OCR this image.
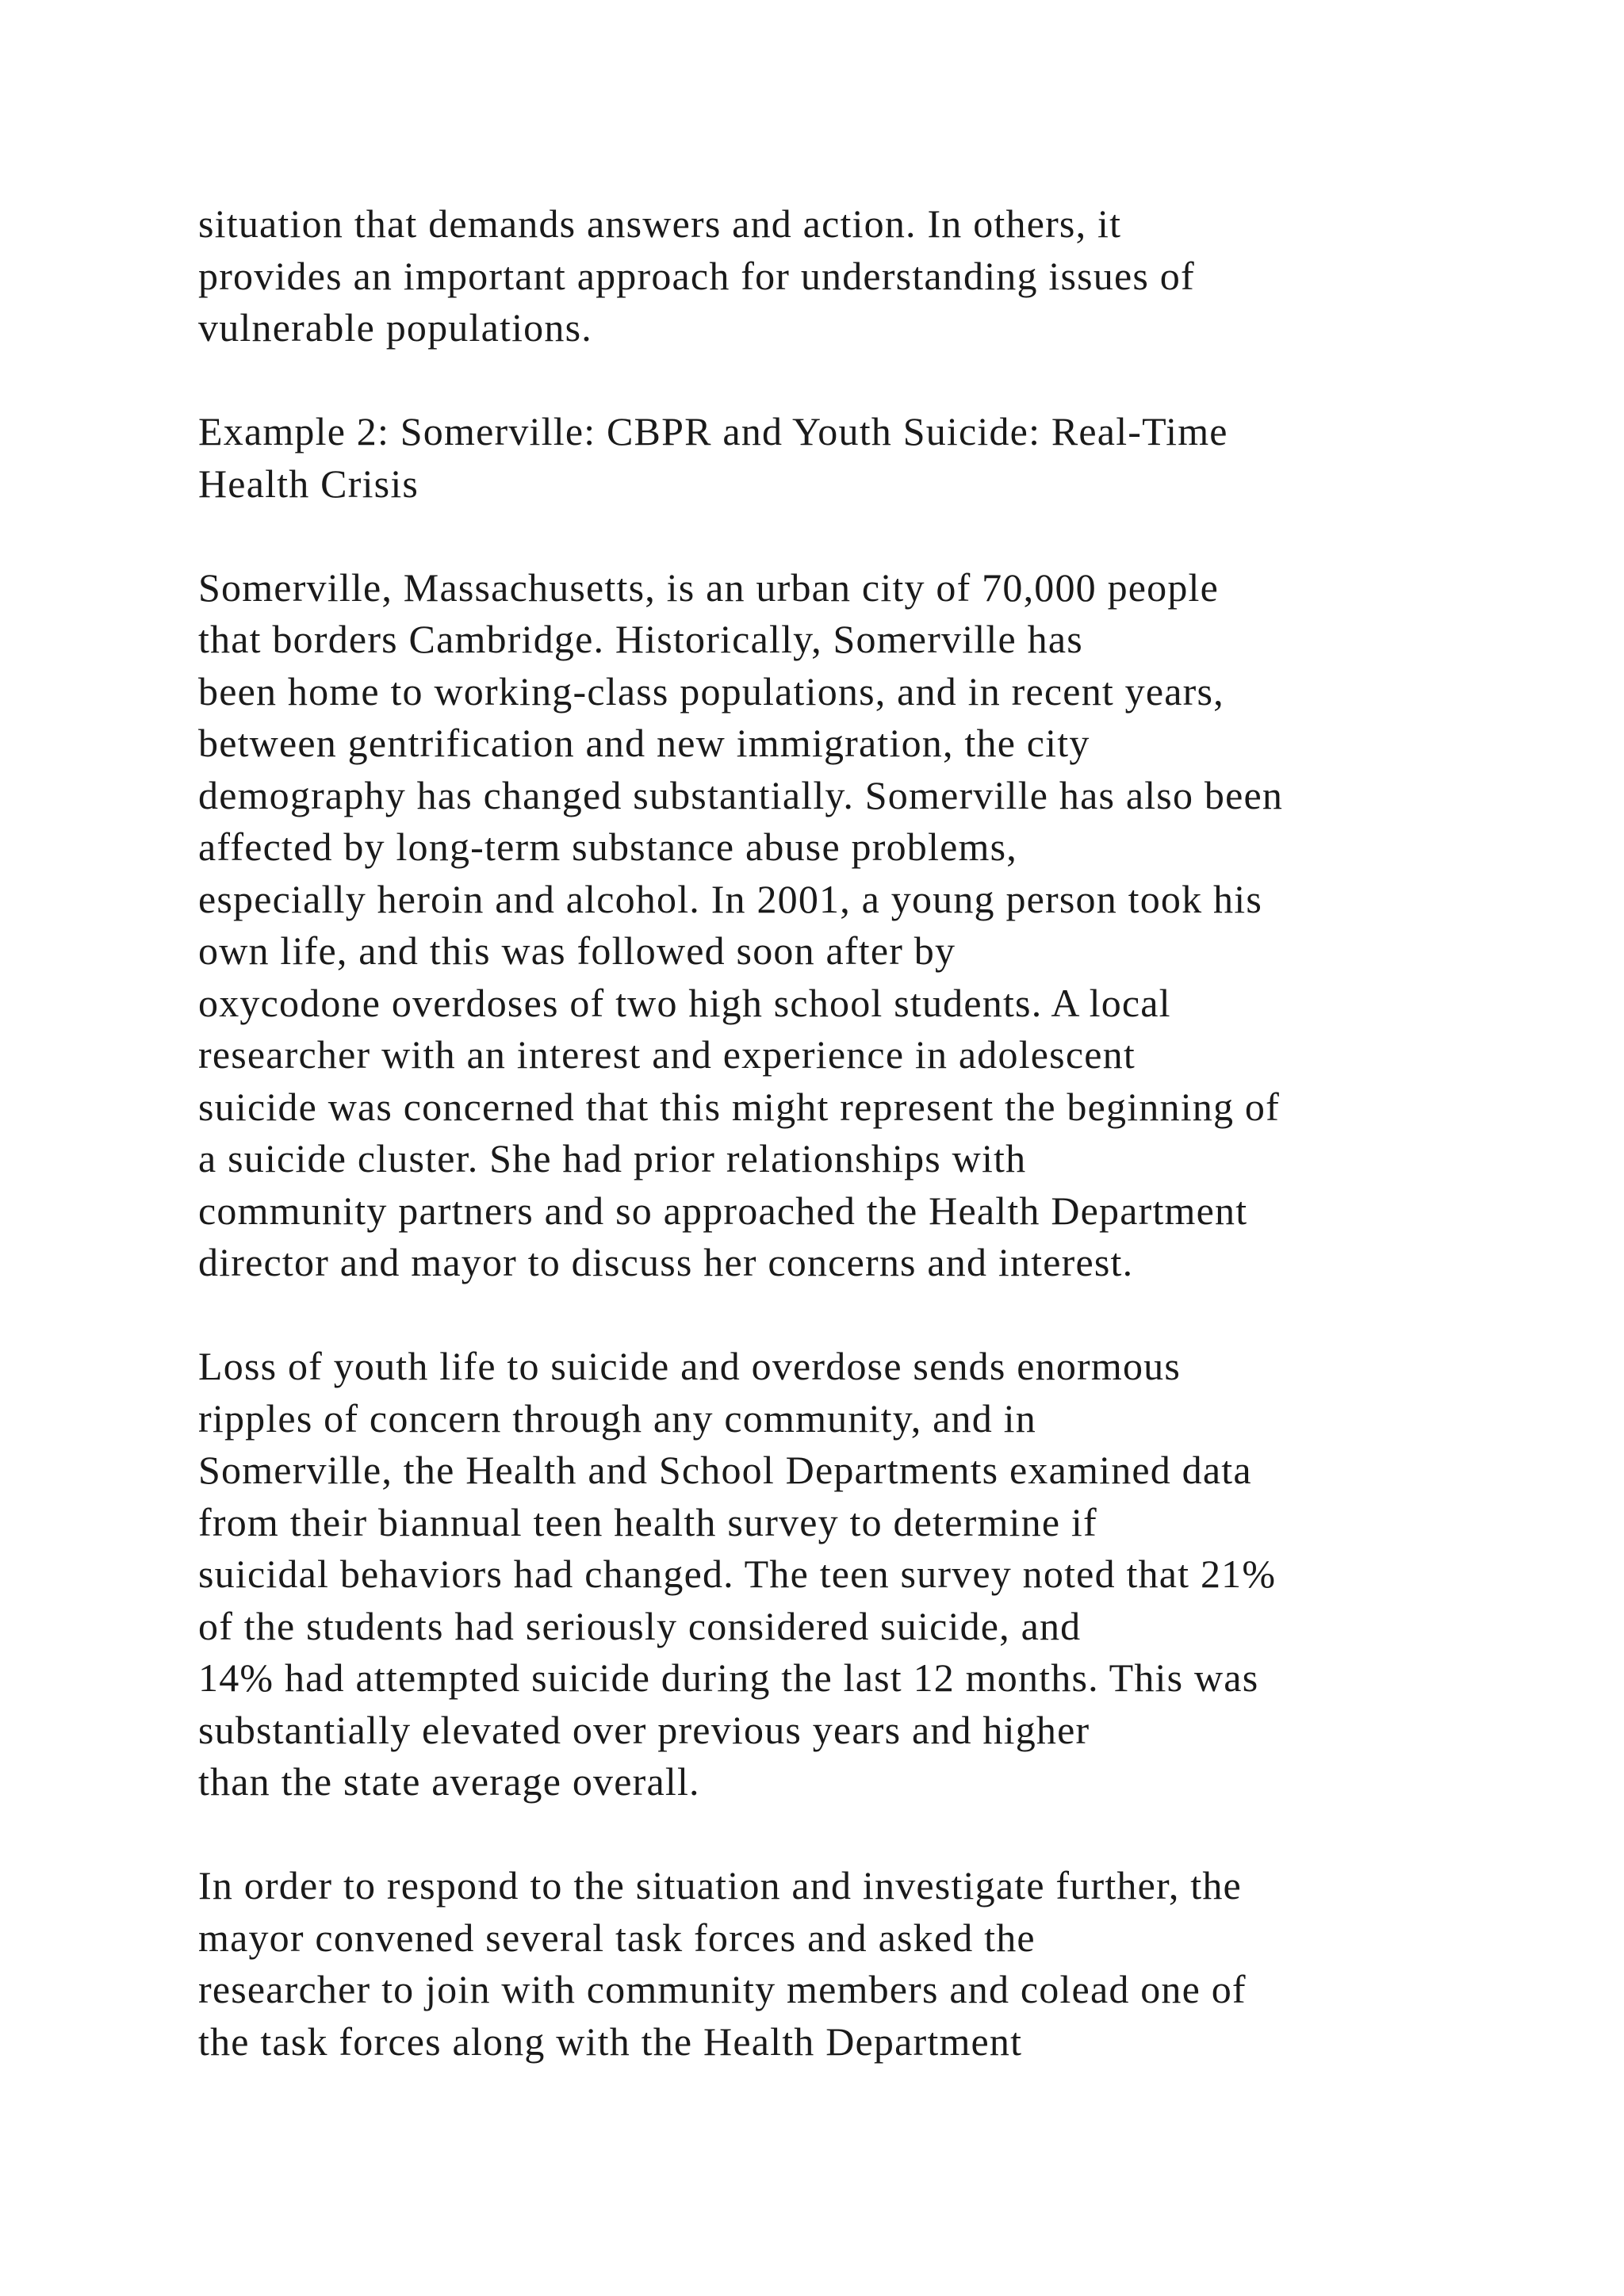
situation that demands answers and action. In others, it
provides an important approach for understanding issues of
vulnerable populations.

Example 2: Somerville: CBPR and Youth Suicide: Real-Time
Health Crisis

Somerville, Massachusetts, is an urban city of 70,000 people
that borders Cambridge. Historically, Somerville has
been home to working-class populations, and in recent years,
between gentrification and new immigration, the city
demography has changed substantially. Somerville has also been
affected by long-term substance abuse problems,
especially heroin and alcohol. In 2001, a young person took his
own life, and this was followed soon after by
oxycodone overdoses of two high school students. A local
researcher with an interest and experience in adolescent
suicide was concerned that this might represent the beginning of
a suicide cluster. She had prior relationships with
community partners and so approached the Health Department
director and mayor to discuss her concerns and interest.

Loss of youth life to suicide and overdose sends enormous
ripples of concern through any community, and in
Somerville, the Health and School Departments examined data
from their biannual teen health survey to determine if
suicidal behaviors had changed. The teen survey noted that 21%
of the students had seriously considered suicide, and
14% had attempted suicide during the last 12 months. This was
substantially elevated over previous years and higher
than the state average overall.

In order to respond to the situation and investigate further, the
mayor convened several task forces and asked the
researcher to join with community members and colead one of
the task forces along with the Health Department
